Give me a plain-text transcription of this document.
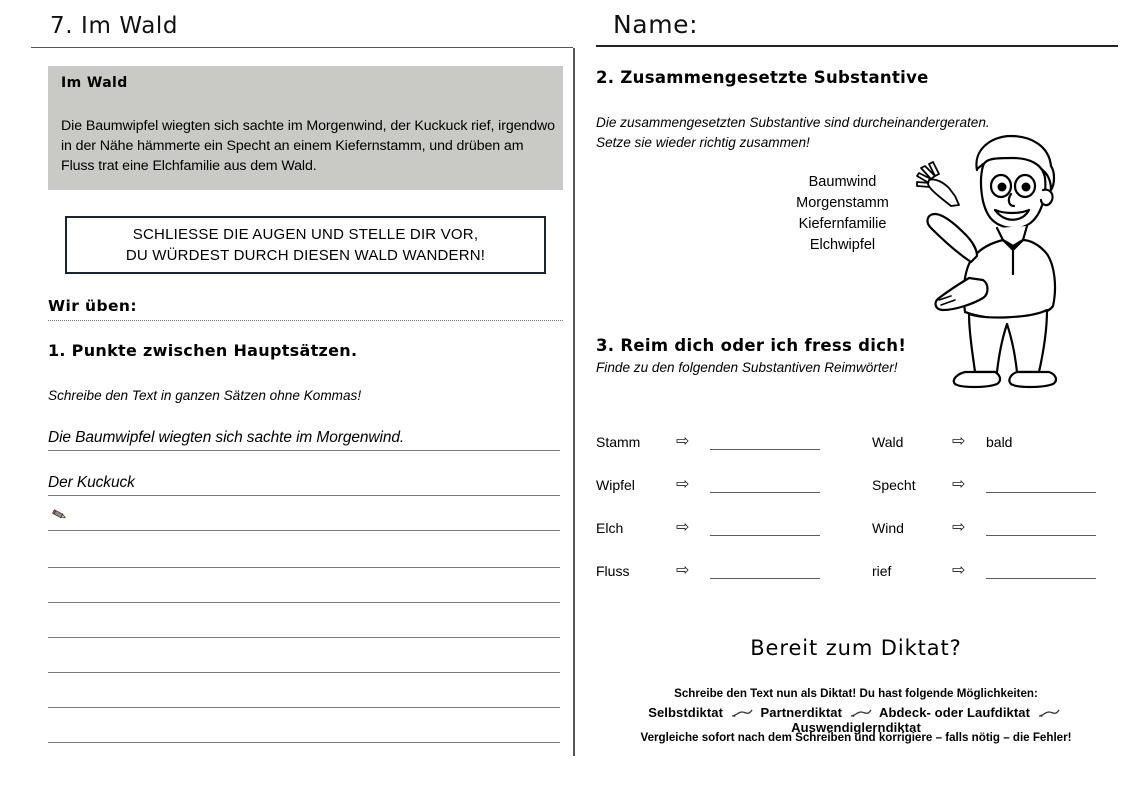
7. Im Wald	Name:
Im Wald
Die Baumwipfel wiegten sich sachte im Morgenwind, der Kuckuck rief, irgendwo in der Nähe hämmerte ein Specht an einem Kiefernstamm, und drüben am Fluss trat eine Elchfamilie aus dem Wald.
SCHLIESSE DIE AUGEN UND STELLE DIR VOR,
DU WÜRDEST DURCH DIESEN WALD WANDERN!
Wir üben:
1. Punkte zwischen Hauptsätzen.
Schreibe den Text in ganzen Sätzen ohne Kommas!
Die Baumwipfel wiegten sich sachte im Morgenwind.
Der Kuckuck
2. Zusammengesetzte Substantive
Die zusammengesetzten Substantive sind durcheinandergeraten.
Setze sie wieder richtig zusammen!
Baumwind
Morgenstamm
Kiefernfamilie
Elchwipfel
3. Reim dich oder ich fress dich!
Finde zu den folgenden Substantiven Reimwörter!
Stamm	⇨	Wald	⇨	bald
Wipfel	⇨	Specht	⇨
Elch	⇨	Wind	⇨
Fluss	⇨	rief	⇨
Bereit zum Diktat?
Schreibe den Text nun als Diktat! Du hast folgende Möglichkeiten:
Selbstdiktat	Partnerdiktat	Abdeck- oder Laufdiktat  Auswendiglerndiktat
Vergleiche sofort nach dem Schreiben und korrigiere – falls nötig – die Fehler!
